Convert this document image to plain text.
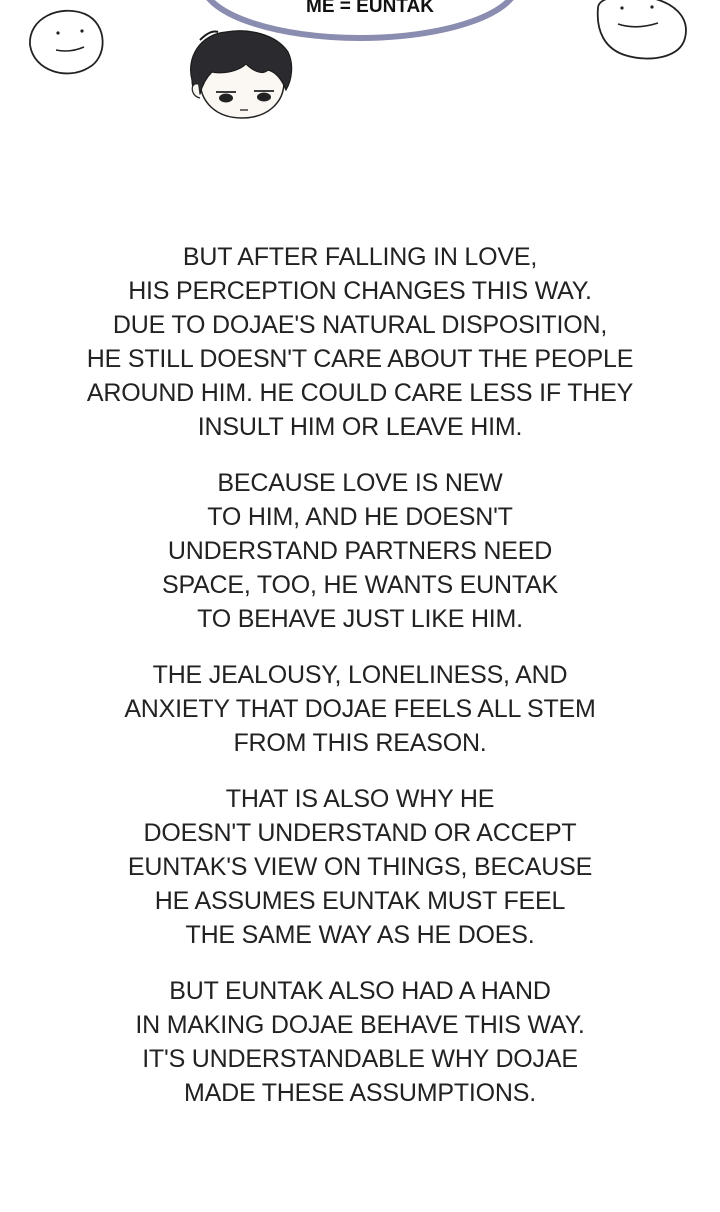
ME = EUNTAK
BUT AFTER FALLING IN LOVE,
HIS PERCEPTION CHANGES THIS WAY.
DUE TO DOJAE'S NATURAL DISPOSITION,
HE STILL DOESN'T CARE ABOUT THE PEOPLE
AROUND HIM. HE COULD CARE LESS IF THEY
INSULT HIM OR LEAVE HIM.
BECAUSE LOVE IS NEW
TO HIM, AND HE DOESN'T
UNDERSTAND PARTNERS NEED
SPACE, TOO, HE WANTS EUNTAK
TO BEHAVE JUST LIKE HIM.
THE JEALOUSY, LONELINESS, AND
ANXIETY THAT DOJAE FEELS ALL STEM
FROM THIS REASON.
THAT IS ALSO WHY HE
DOESN'T UNDERSTAND OR ACCEPT
EUNTAK'S VIEW ON THINGS, BECAUSE
HE ASSUMES EUNTAK MUST FEEL
THE SAME WAY AS HE DOES.
BUT EUNTAK ALSO HAD A HAND
IN MAKING DOJAE BEHAVE THIS WAY.
IT'S UNDERSTANDABLE WHY DOJAE
MADE THESE ASSUMPTIONS.
